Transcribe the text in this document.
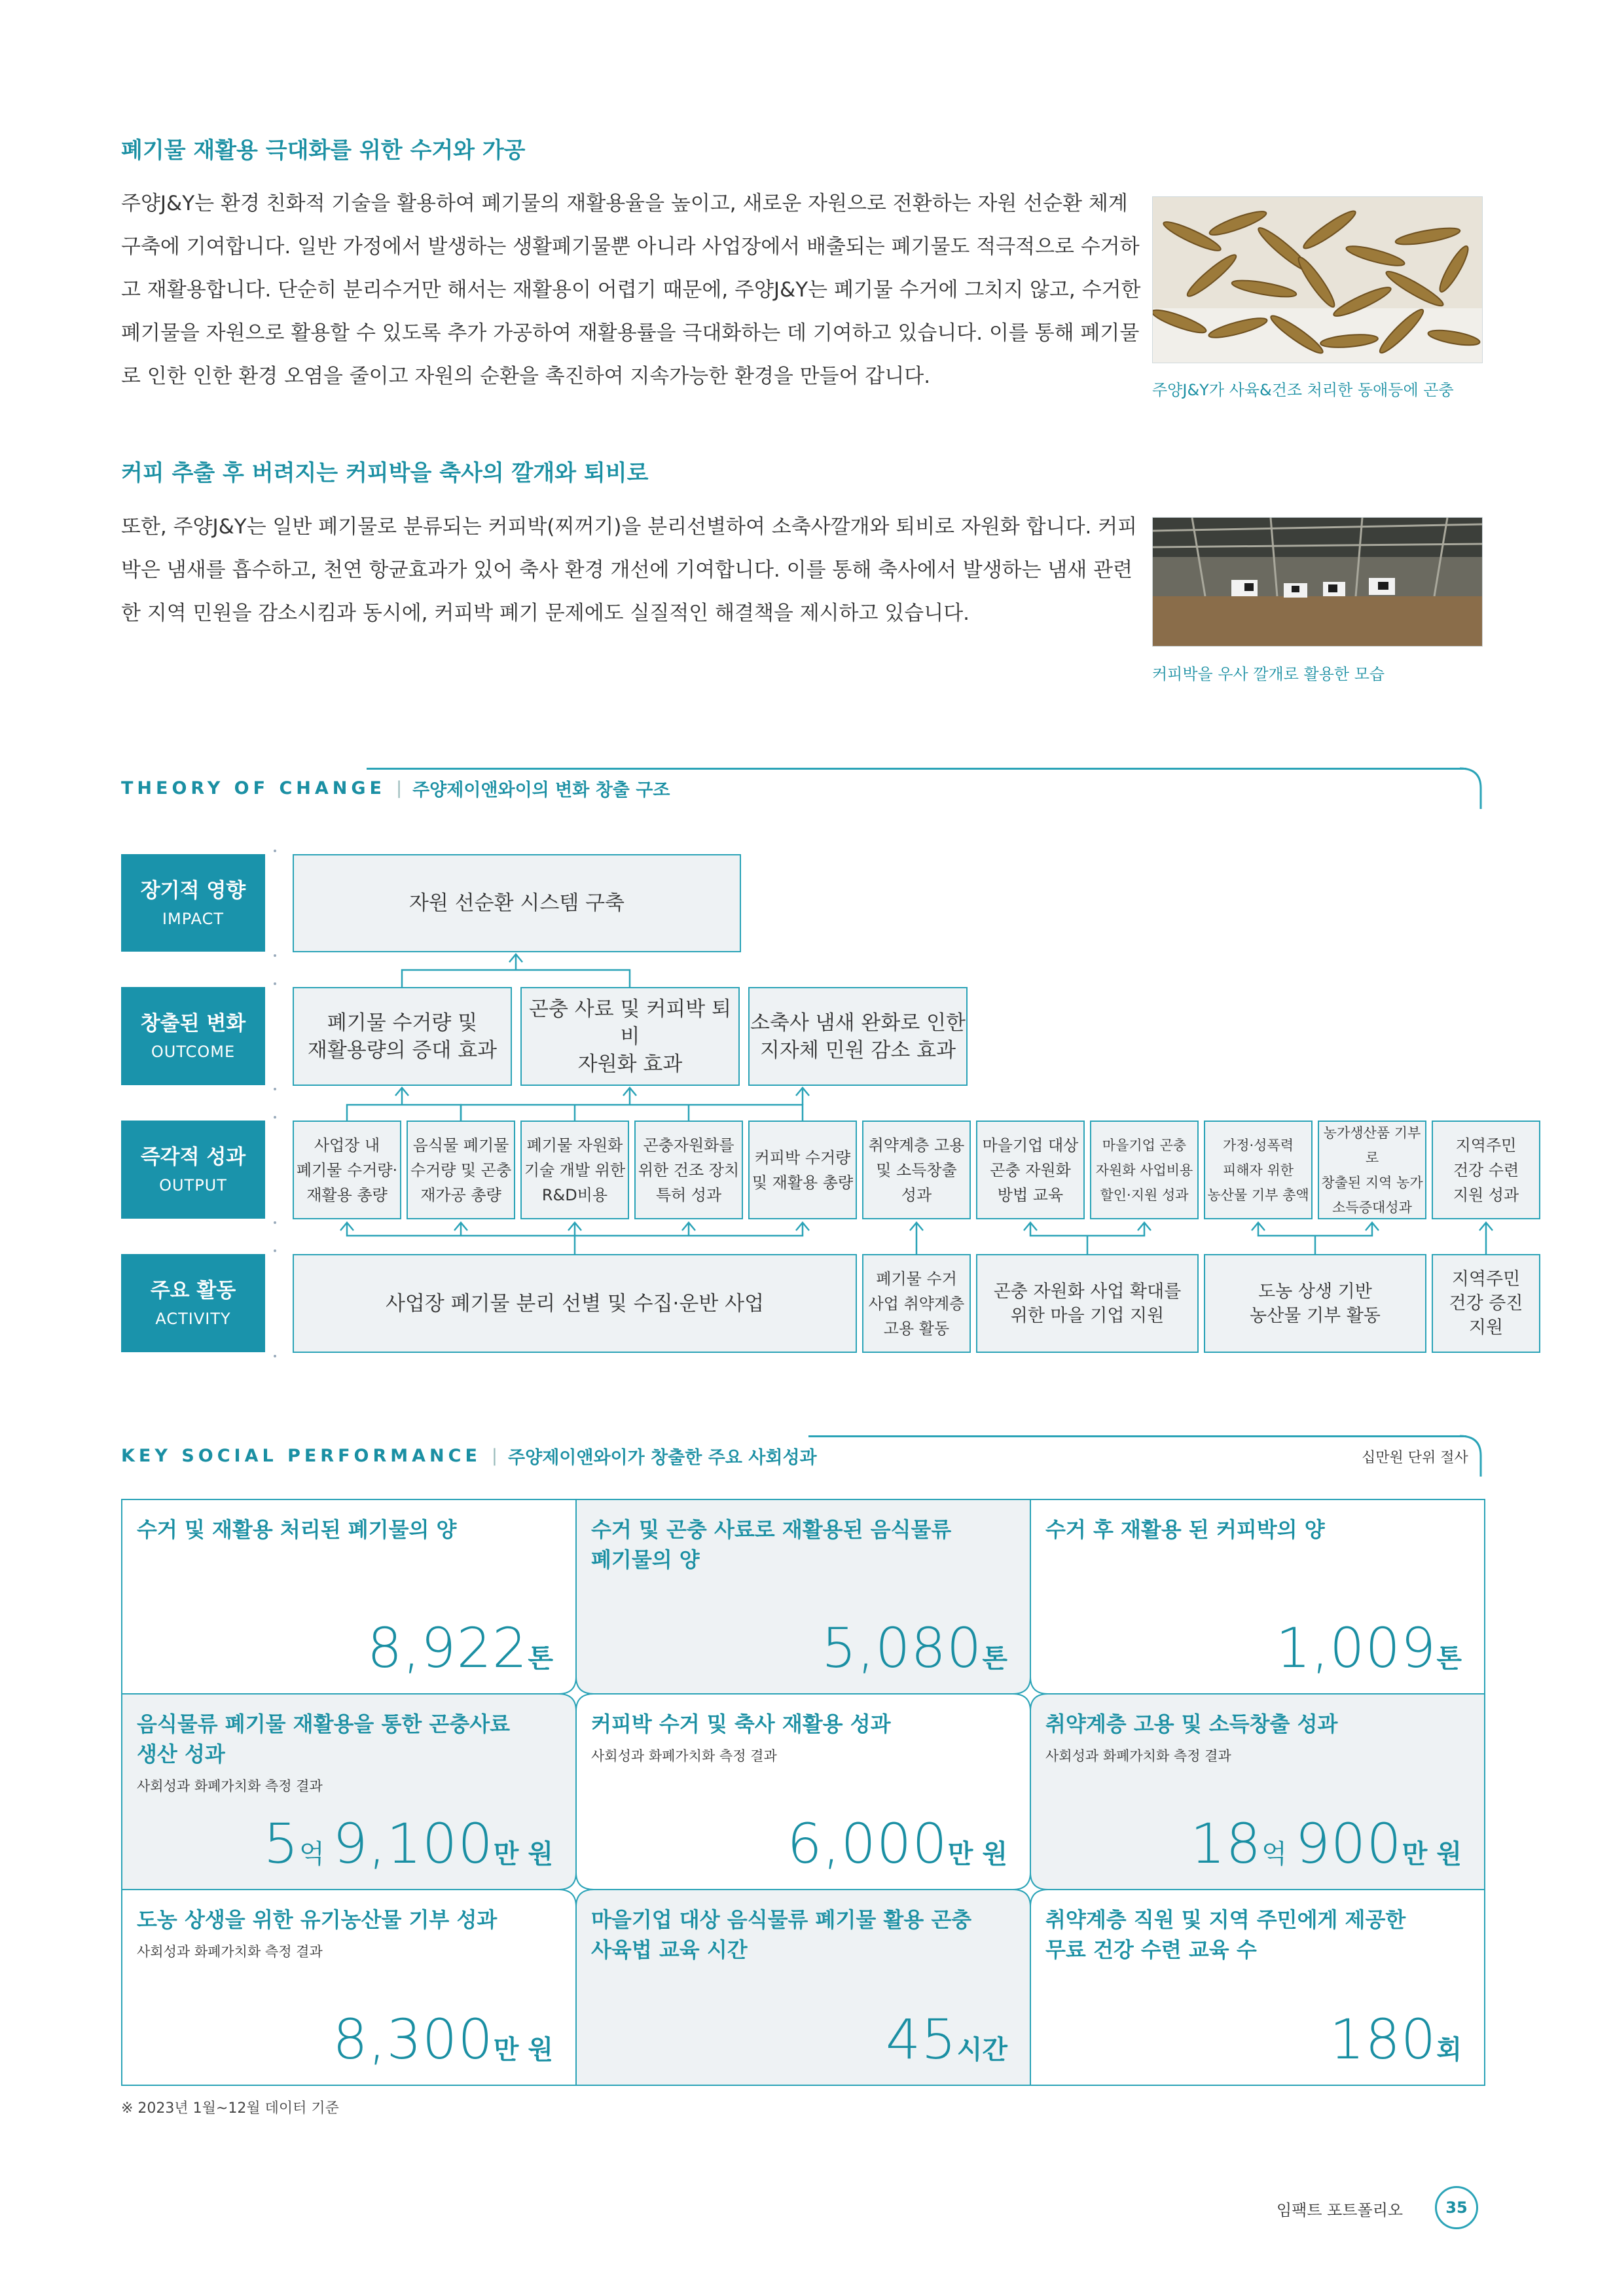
폐기물 재활용 극대화를 위한 수거와 가공
주양J&Y는 환경 친화적 기술을 활용하여 폐기물의 재활용율을 높이고, 새로운 자원으로 전환하는 자원 선순환 체계 구축에 기여합니다. 일반 가정에서 발생하는 생활폐기물뿐 아니라 사업장에서 배출되는 폐기물도 적극적으로 수거하고 재활용합니다. 단순히 분리수거만 해서는 재활용이 어렵기 때문에, 주양J&Y는 폐기물 수거에 그치지 않고, 수거한 폐기물을 자원으로 활용할 수 있도록 추가 가공하여 재활용률을 극대화하는 데 기여하고 있습니다. 이를 통해 폐기물로 인한 인한 환경 오염을 줄이고 자원의 순환을 촉진하여 지속가능한 환경을 만들어 갑니다.
주양J&Y가 사육&건조 처리한 동애등에 곤충
커피 추출 후 버려지는 커피박을 축사의 깔개와 퇴비로
또한, 주양J&Y는 일반 폐기물로 분류되는 커피박(찌꺼기)을 분리선별하여 소축사깔개와 퇴비로 자원화 합니다. 커피박은 냄새를 흡수하고, 천연 항균효과가 있어 축사 환경 개선에 기여합니다. 이를 통해 축사에서 발생하는 냄새 관련한 지역 민원을 감소시킴과 동시에, 커피박 폐기 문제에도 실질적인 해결책을 제시하고 있습니다.
커피박을 우사 깔개로 활용한 모습
THEORY OF CHANGE | 주양제이앤와이의 변화 창출 구조
장기적 영향
IMPACT
창출된 변화
OUTCOME
즉각적 성과
OUTPUT
주요 활동
ACTIVITY
자원 선순환 시스템 구축
폐기물 수거량 및
재활용량의 증대 효과
곤충 사료 및 커피박 퇴비
자원화 효과
소축사 냄새 완화로 인한
지자체 민원 감소 효과
사업장 내
폐기물 수거량·
재활용 총량
음식물 폐기물
수거량 및 곤충
재가공 총량
폐기물 자원화
기술 개발 위한
R&D비용
곤충자원화를
위한 건조 장치
특허 성과
커피박 수거량
및 재활용 총량
취약계층 고용
및 소득창출
성과
마을기업 대상
곤충 자원화
방법 교육
마을기업 곤충
자원화 사업비용
할인·지원 성과
가정·성폭력
피해자 위한
농산물 기부 총액
농가생산품 기부로
창출된 지역 농가
소득증대성과
지역주민
건강 수련
지원 성과
사업장 폐기물 분리 선별 및 수집·운반 사업
폐기물 수거
사업 취약계층
고용 활동
곤충 자원화 사업 확대를
위한 마을 기업 지원
도농 상생 기반
농산물 기부 활동
지역주민
건강 증진
지원
KEY SOCIAL PERFORMANCE | 주양제이앤와이가 창출한 주요 사회성과	십만원 단위 절사
수거 및 재활용 처리된 폐기물의 양
8,922톤
수거 및 곤충 사료로 재활용된 음식물류
폐기물의 양
5,080톤
수거 후 재활용 된 커피박의 양
1,009톤
음식물류 폐기물 재활용을 통한 곤충사료
생산 성과
사회성과 화폐가치화 측정 결과
5억 9,100만 원
커피박 수거 및 축사 재활용 성과
사회성과 화폐가치화 측정 결과
6,000만 원
취약계층 고용 및 소득창출 성과
사회성과 화폐가치화 측정 결과
18억 900만 원
도농 상생을 위한 유기농산물 기부 성과
사회성과 화폐가치화 측정 결과
8,300만 원
마을기업 대상 음식물류 폐기물 활용 곤충
사육법 교육 시간
45시간
취약계층 직원 및 지역 주민에게 제공한
무료 건강 수련 교육 수
180회
※ 2023년 1월~12월 데이터 기준
임팩트 포트폴리오	35
